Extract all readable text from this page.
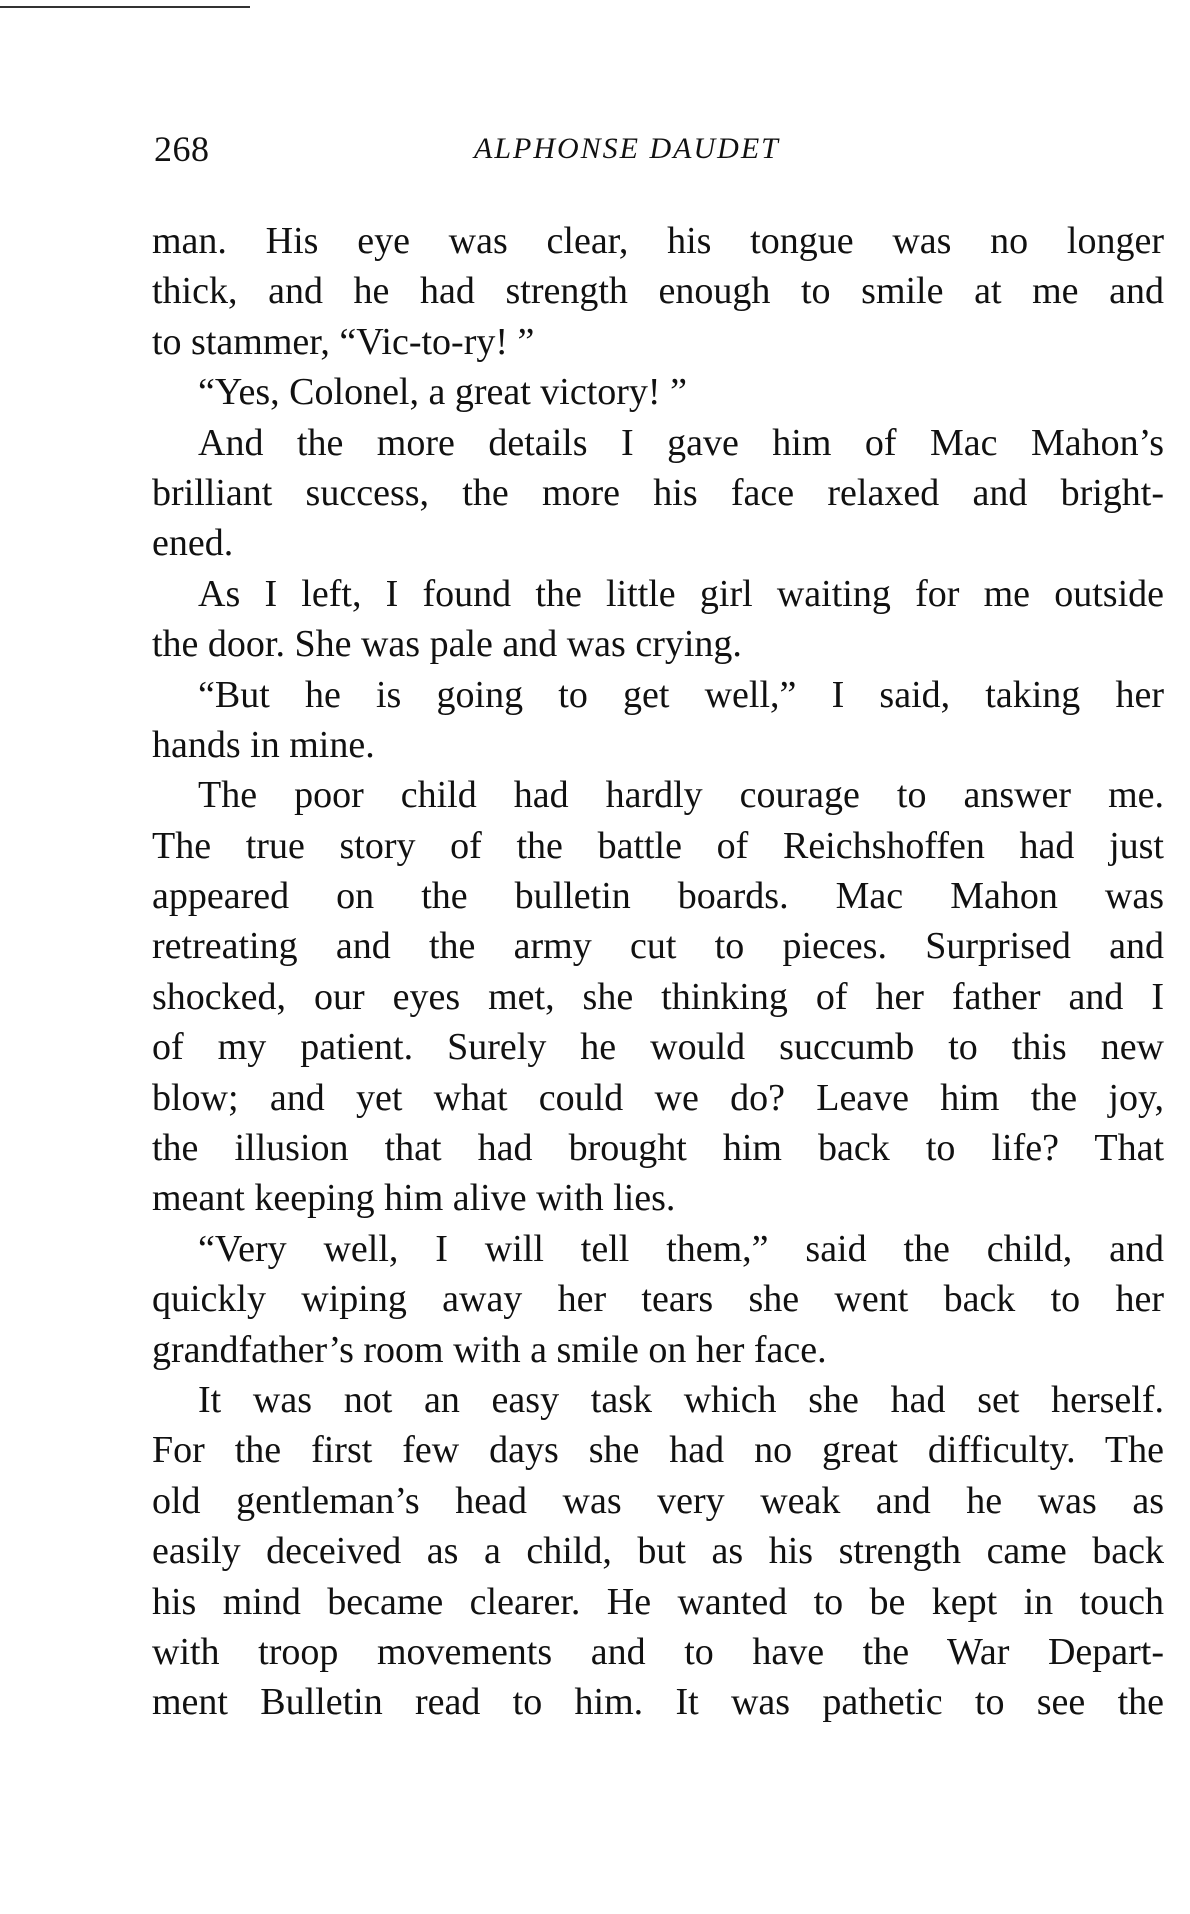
268	ALPHONSE DAUDET
man. His eye was clear, his tongue was no longer
thick, and he had strength enough to smile at me and
to stammer, “Vic-to-ry! ”
“Yes, Colonel, a great victory! ”
And the more details I gave him of Mac Mahon’s
brilliant success, the more his face relaxed and bright-
ened.
As I left, I found the little girl waiting for me outside
the door. She was pale and was crying.
“But he is going to get well,” I said, taking her
hands in mine.
The poor child had hardly courage to answer me.
The true story of the battle of Reichshoffen had just
appeared on the bulletin boards. Mac Mahon was
retreating and the army cut to pieces. Surprised and
shocked, our eyes met, she thinking of her father and I
of my patient. Surely he would succumb to this new
blow; and yet what could we do? Leave him the joy,
the illusion that had brought him back to life? That
meant keeping him alive with lies.
“Very well, I will tell them,” said the child, and
quickly wiping away her tears she went back to her
grandfather’s room with a smile on her face.
It was not an easy task which she had set herself.
For the first few days she had no great difficulty. The
old gentleman’s head was very weak and he was as
easily deceived as a child, but as his strength came back
his mind became clearer. He wanted to be kept in touch
with troop movements and to have the War Depart-
ment Bulletin read to him. It was pathetic to see the
